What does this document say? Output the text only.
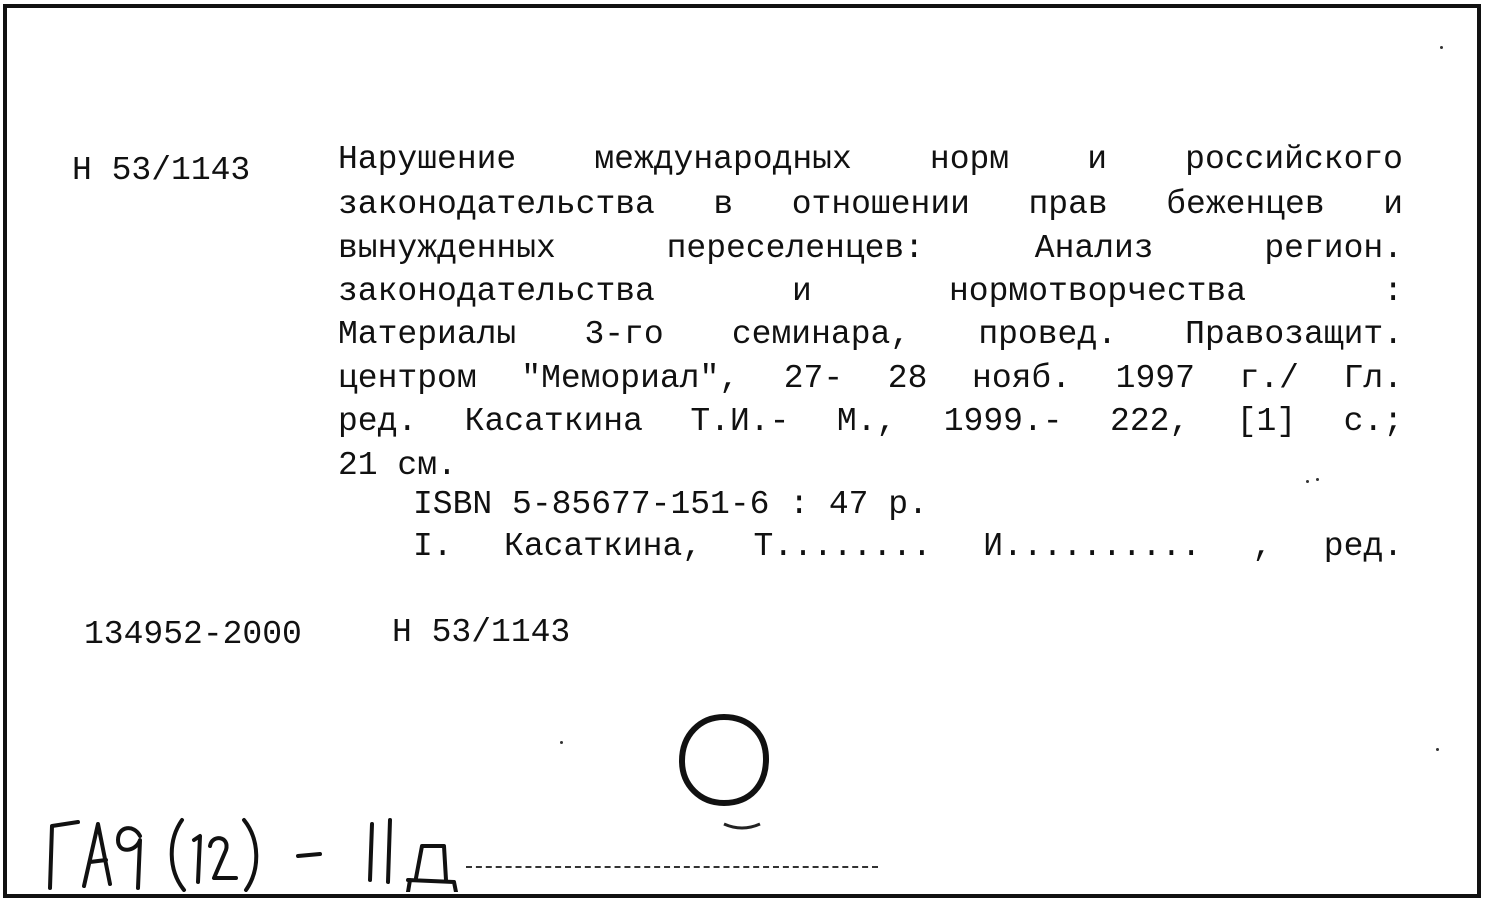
Н 53/1143	Нарушение международных норм и российского
законодательства в отношении прав беженцев и
вынужденных переселенцев: Анализ регион.
законодательства и нормотворчества :
Материалы 3-го семинара, провед. Правозащит.
центром "Мемориал", 27- 28 нояб. 1997 г./ Гл.
ред. Касаткина Т.И.- М., 1999.- 222, [1] с.;
21 см.
ISBN 5-85677-151-6 : 47 р.
I. Касаткина, Т........ И.......... , ред.
134952-2000	Н 53/1143
